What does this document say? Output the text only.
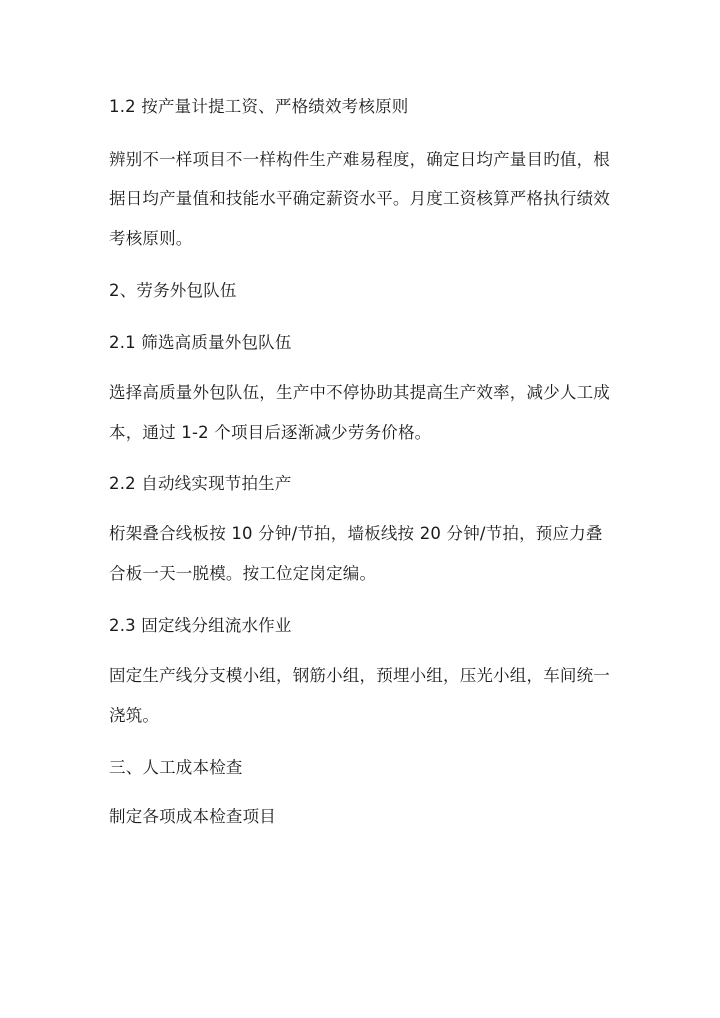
1.2 按产量计提工资、严格绩效考核原则
辨别不一样项目不一样构件生产难易程度，确定日均产量目旳值，根
据日均产量值和技能水平确定薪资水平。月度工资核算严格执行绩效
考核原则。
2、劳务外包队伍
2.1 筛选高质量外包队伍
选择高质量外包队伍，生产中不停协助其提高生产效率，减少人工成
本，通过 1-2 个项目后逐渐减少劳务价格。
2.2 自动线实现节拍生产
桁架叠合线板按 10 分钟/节拍，墙板线按 20 分钟/节拍，预应力叠
合板一天一脱模。按工位定岗定编。
2.3 固定线分组流水作业
固定生产线分支模小组，钢筋小组，预埋小组，压光小组，车间统一
浇筑。
三、人工成本检查
制定各项成本检查项目
